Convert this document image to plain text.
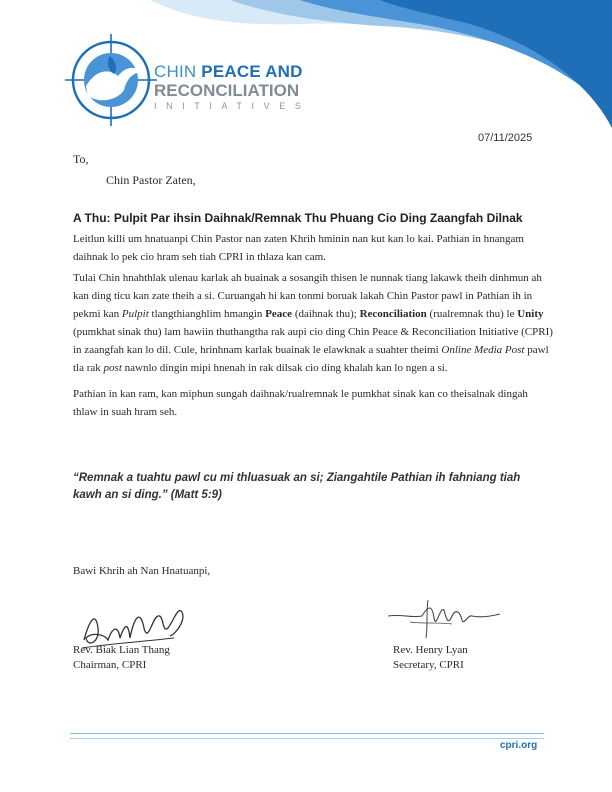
CHIN PEACE AND
RECONCILIATION
INITIATIVES
07/11/2025
To,
Chin Pastor Zaten,
A Thu: Pulpit Par ihsin Daihnak/Remnak Thu Phuang Cio Ding Zaangfah Dilnak
Leitlun killi um hnatuanpi Chin Pastor nan zaten Khrih hminin nan kut kan lo kai. Pathian in hnangam daihnak lo pek cio hram seh tiah CPRI in thlaza kan cam.
Tulai Chin hnahthlak ulenau karlak ah buainak a sosangih thisen le nunnak tiang lakawk theih dinhmun ah kan ding ticu kan zate theih a si. Curuangah hi kan tonmi boruak lakah Chin Pastor pawl in Pathian ih in pekmi kan Pulpit tlangthianghlim hmangin Peace (daihnak thu); Reconciliation (rualremnak thu) le Unity (pumkhat sinak thu) lam hawiin thuthangtha rak aupi cio ding Chin Peace & Reconciliation Initiative (CPRI) in zaangfah kan lo dil. Cule, hrinhnam karlak buainak le elawknak a suahter theimi Online Media Post pawl tla rak post nawnlo dingin mipi hnenah in rak dilsak cio ding khalah kan lo ngen a si.
Pathian in kan ram, kan miphun sungah daihnak/rualremnak le pumkhat sinak kan co theisalnak dingah thlaw in suah hram seh.
“Remnak a tuahtu pawl cu mi thluasuak an si; Ziangahtile Pathian ih fahniang tiah kawh an si ding.” (Matt 5:9)
Bawi Khrih ah Nan Hnatuanpi,
Rev. Biak Lian Thang
Chairman, CPRI
Rev. Henry Lyan
Secretary, CPRI
cpri.org
